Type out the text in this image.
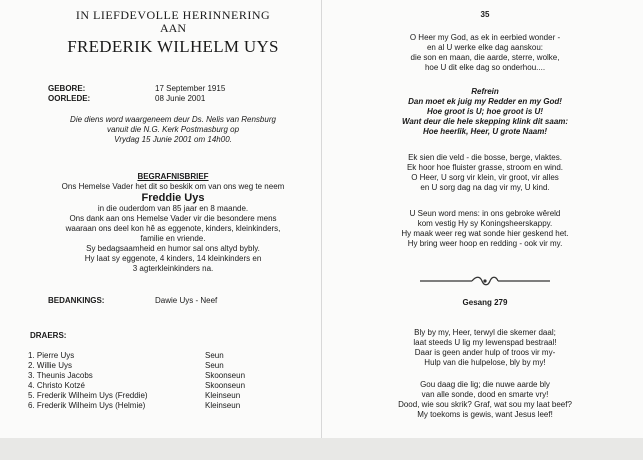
IN LIEFDEVOLLE HERINNERING
AAN
FREDERIK WILHELM UYS
GEBORE:	17 September 1915
OORLEDE:	08 Junie 2001
Die diens word waargeneem deur Ds. Nelis van Rensburg
vanuit die N.G. Kerk Postmasburg op
Vrydag 15 Junie 2001 om 14h00.
BEGRAFNISBRIEF
Ons Hemelse Vader het dit so beskik om van ons weg te neem
Freddie Uys
in die ouderdom van 85 jaar en 8 maande.
Ons dank aan ons Hemelse Vader vir die besondere mens
waaraan ons deel kon hê as eggenote, kinders, kleinkinders,
familie en vriende.
Sy bedagsaamheid en humor sal ons altyd bybly.
Hy laat sy eggenote, 4 kinders, 14 kleinkinders en
3 agterkleinkinders na.
BEDANKINGS:	Dawie Uys - Neef
DRAERS:
1. Pierre Uys	Seun
2. Willie Uys	Seun
3. Theunis Jacobs	Skoonseun
4. Christo Kotzé	Skoonseun
5. Frederik Wilheim Uys (Freddie)	Kleinseun
6. Frederik Wilheim Uys (Helmie)	Kleinseun
35
O Heer my God, as ek in eerbied wonder -
en al U werke elke dag aanskou:
die son en maan, die aarde, sterre, wolke,
hoe U dit elke dag so onderhou....
Refrein
Dan moet ek juig my Redder en my God!
Hoe groot is U; hoe groot is U!
Want deur die hele skepping klink dit saam:
Hoe heerlik, Heer, U grote Naam!
Ek sien die veld - die bosse, berge, vlaktes.
Ek hoor hoe fluister grasse, stroom en wind.
O Heer, U sorg vir klein, vir groot, vir alles
en U sorg dag na dag vir my, U kind.
U Seun word mens: in ons gebroke wêreld
kom vestig Hy sy Koningsheerskappy.
Hy maak weer reg wat sonde hier geskend het.
Hy bring weer hoop en redding - ook vir my.
Gesang 279
Bly by my, Heer, terwyl die skemer daal;
laat steeds U lig my lewenspad bestraal!
Daar is geen ander hulp of troos vir my-
Hulp van die hulpelose, bly by my!
Gou daag die lig; die nuwe aarde bly
van alle sonde, dood en smarte vry!
Dood, wie sou skrik? Graf, wat sou my laat beef?
My toekoms is gewis, want Jesus leef!
